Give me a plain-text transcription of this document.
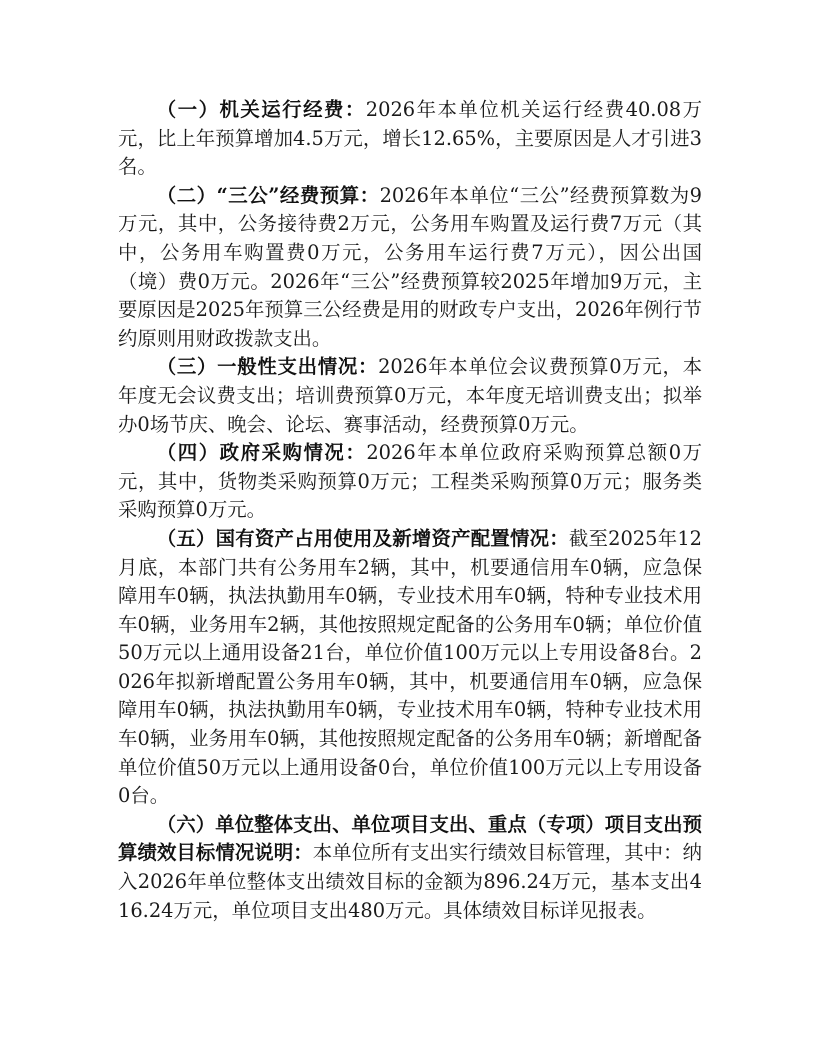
（一）机关运行经费：2026年本单位机关运行经费40.08万元，比上年预算增加4.5万元，增长12.65%，主要原因是人才引进3名。

（二）“三公”经费预算：2026年本单位“三公”经费预算数为9万元，其中，公务接待费2万元，公务用车购置及运行费7万元（其中，公务用车购置费0万元，公务用车运行费7万元），因公出国（境）费0万元。2026年“三公”经费预算较2025年增加9万元，主要原因是2025年预算三公经费是用的财政专户支出，2026年例行节约原则用财政拨款支出。

（三）一般性支出情况：2026年本单位会议费预算0万元，本年度无会议费支出；培训费预算0万元，本年度无培训费支出；拟举办0场节庆、晚会、论坛、赛事活动，经费预算0万元。

（四）政府采购情况：2026年本单位政府采购预算总额0万元，其中，货物类采购预算0万元；工程类采购预算0万元；服务类采购预算0万元。

（五）国有资产占用使用及新增资产配置情况：截至2025年12月底，本部门共有公务用车2辆，其中，机要通信用车0辆，应急保障用车0辆，执法执勤用车0辆，专业技术用车0辆，特种专业技术用车0辆，业务用车2辆，其他按照规定配备的公务用车0辆；单位价值50万元以上通用设备21台，单位价值100万元以上专用设备8台。2026年拟新增配置公务用车0辆，其中，机要通信用车0辆，应急保障用车0辆，执法执勤用车0辆，专业技术用车0辆，特种专业技术用车0辆，业务用车0辆，其他按照规定配备的公务用车0辆；新增配备单位价值50万元以上通用设备0台，单位价值100万元以上专用设备0台。

（六）单位整体支出、单位项目支出、重点（专项）项目支出预算绩效目标情况说明：本单位所有支出实行绩效目标管理，其中：纳入2026年单位整体支出绩效目标的金额为896.24万元，基本支出416.24万元，单位项目支出480万元。具体绩效目标详见报表。
